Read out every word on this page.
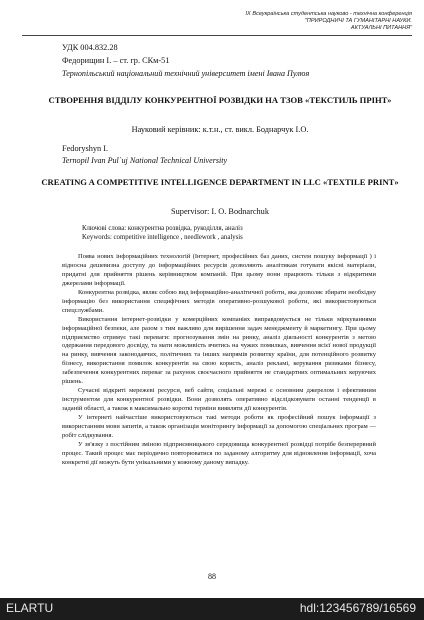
IX Всеукраїнська студентська науково - технічна конференція "ПРИРОДНИЧІ ТА ГУМАНІТАРНІ НАУКИ.
АКТУАЛЬНІ ПИТАННЯ"
УДК 004.832.28
Федорищин І. – ст. гр. СКм-51
Тернопільський національний технічний університет імені Івана Пулюя
СТВОРЕННЯ ВІДДІЛУ КОНКУРЕНТНОЇ РОЗВІДКИ НА ТЗОВ «ТЕКСТИЛЬ ПРІНТ»
Науковий керівник: к.т.н., ст. викл. Боднарчук І.О.
Fedoryshyn I.
Ternopil Ivan Pul`uj National Technical University
CREATING A COMPETITIVE INTELLIGENCE DEPARTMENT IN LLC «TEXTILE PRINT»
Supervisor: I. O. Bodnarchuk
Ключові слова: конкурентна розвідка, рукоділля, аналіз
Keywords: competitive intelligence , needlework , analysis

Поява нових інформаційних технологій (Інтернет, професійних баз даних, систем пошуку інформації ) і відносна дешевизна доступу до інформаційних ресурсів дозволяють аналітикам готувати якісні матеріали, придатні для прийняття рішень керівництвом компаній. При цьому вони працюють тільки з відкритими джерелами інформації.

Конкурентна розвідка, являє собою вид інформаційно-аналітичної роботи, яка дозволяє збирати необхідну інформацію без використання специфічних методів оперативно-розшукової роботи, які використовуються спецслужбами.

Використання інтернет-розвідки у комерційних компаніях виправдовується не тільки міркуваннями інформаційної безпеки, але разом з тим важливо для вирішення задач менеджменту й маркетингу. При цьому підприємство отримує такі переваги: прогнозування змін на ринку, аналіз діяльності конкурентів з метою одержання передового досвіду, та мати можливість вчитись на чужих помилках, вивчення всієї нової продукції на ринку, вивчення законодавчих, політичних та інших напрямів розвитку країни, для потенційного розвитку бізнесу, використання помилок конкурентів на свою користь, аналіз рекламі, керування ризиками бізнесу, забезпечення конкурентних переваг за рахунок своєчасного прийняття не стандартних оптимальних керуючих рішень.

Сучасні відкриті мережеві ресурси, веб сайти, соціальні мережі є основним джерелом і ефективним інструментом для конкурентної розвідки. Вони дозволять оперативно відслідковувати останні тенденції в заданій області, а також в максимально короткі терміни виявляти дії конкурентів.

У інтернеті найчастіше використовуються такі методи роботи як професійний пошук інформації з використанням мови запитів, а також організація моніторингу інформації за допомогою спеціальних програм — робіт слідкування.

У зв'язку з постійним зміною підприємницького середовища конкурентної розвідці потрібе безперервний процес. Такий процес має періодично повторюватися по заданому алгоритму для відновлення інформації, хоча конкретні дії можуть бути унікальними у кожному даному випадку.

88
ELARTU	hdl:123456789/16569
